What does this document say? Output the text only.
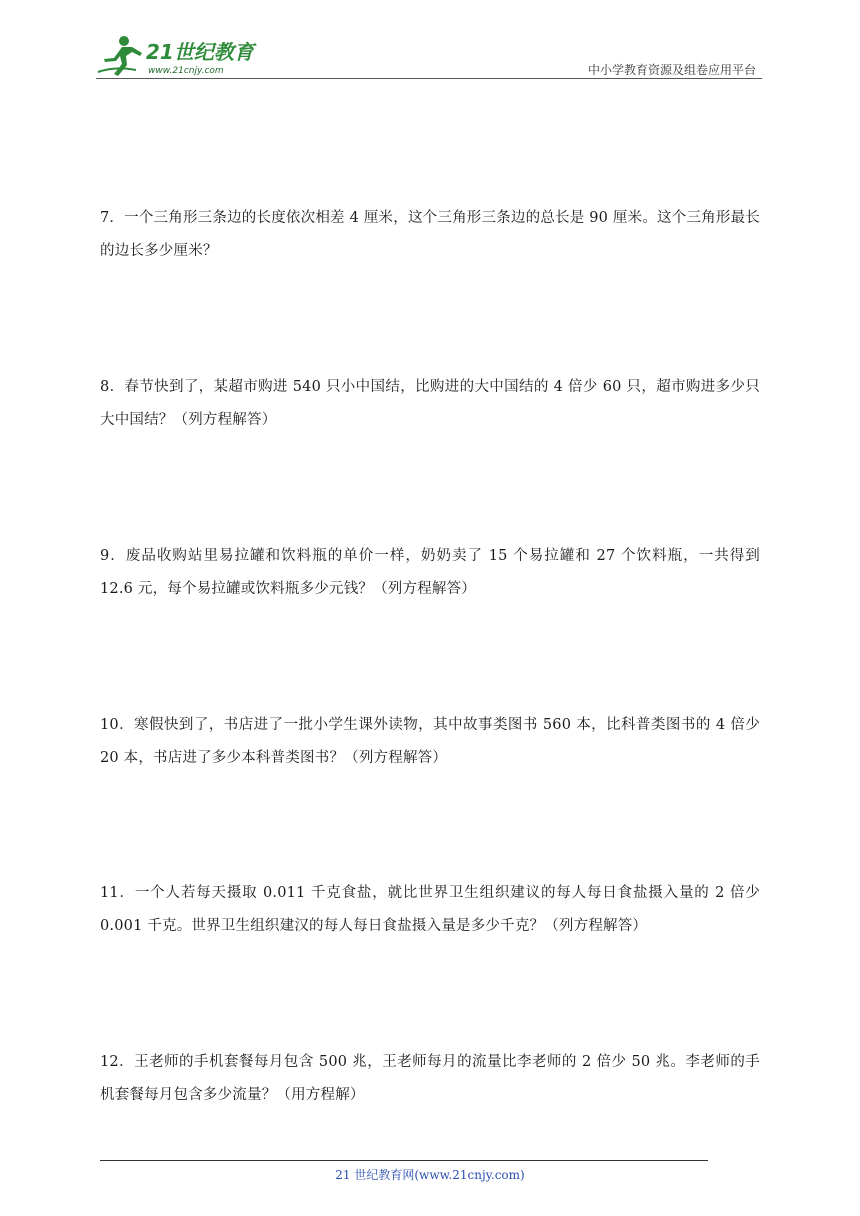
21世纪教育
www.21cnjy.com	中小学教育资源及组卷应用平台
7．一个三角形三条边的长度依次相差 4 厘米，这个三角形三条边的总长是 90 厘米。这个三角形最长的边长多少厘米？
8．春节快到了，某超市购进 540 只小中国结，比购进的大中国结的 4 倍少 60 只，超市购进多少只大中国结？（列方程解答）
9．废品收购站里易拉罐和饮料瓶的单价一样，奶奶卖了 15 个易拉罐和 27 个饮料瓶，一共得到 12.6 元，每个易拉罐或饮料瓶多少元钱？（列方程解答）
10．寒假快到了，书店进了一批小学生课外读物，其中故事类图书 560 本，比科普类图书的 4 倍少 20 本，书店进了多少本科普类图书？（列方程解答）
11．一个人若每天摄取 0.011 千克食盐，就比世界卫生组织建议的每人每日食盐摄入量的 2 倍少 0.001 千克。世界卫生组织建汉的每人每日食盐摄入量是多少千克？（列方程解答）
12．王老师的手机套餐每月包含 500 兆，王老师每月的流量比李老师的 2 倍少 50 兆。李老师的手机套餐每月包含多少流量？（用方程解）
21 世纪教育网(www.21cnjy.com)
